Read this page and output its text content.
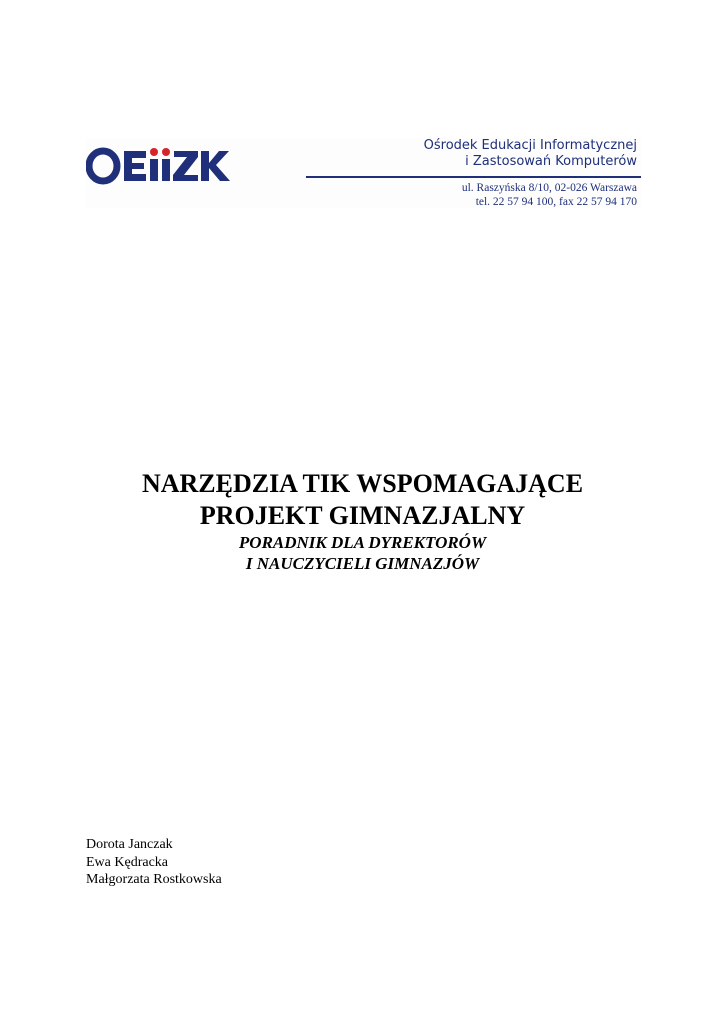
Ośrodek Edukacji Informatycznej
i Zastosowań Komputerów
ul. Raszyńska 8/10, 02-026 Warszawa
tel. 22 57 94 100, fax 22 57 94 170

NARZĘDZIA TIK WSPOMAGAJĄCE

PROJEKT GIMNAZJALNY

PORADNIK DLA DYREKTORÓW

I NAUCZYCIELI GIMNAZJÓW

Dorota Janczak
Ewa Kędracka
Małgorzata Rostkowska
